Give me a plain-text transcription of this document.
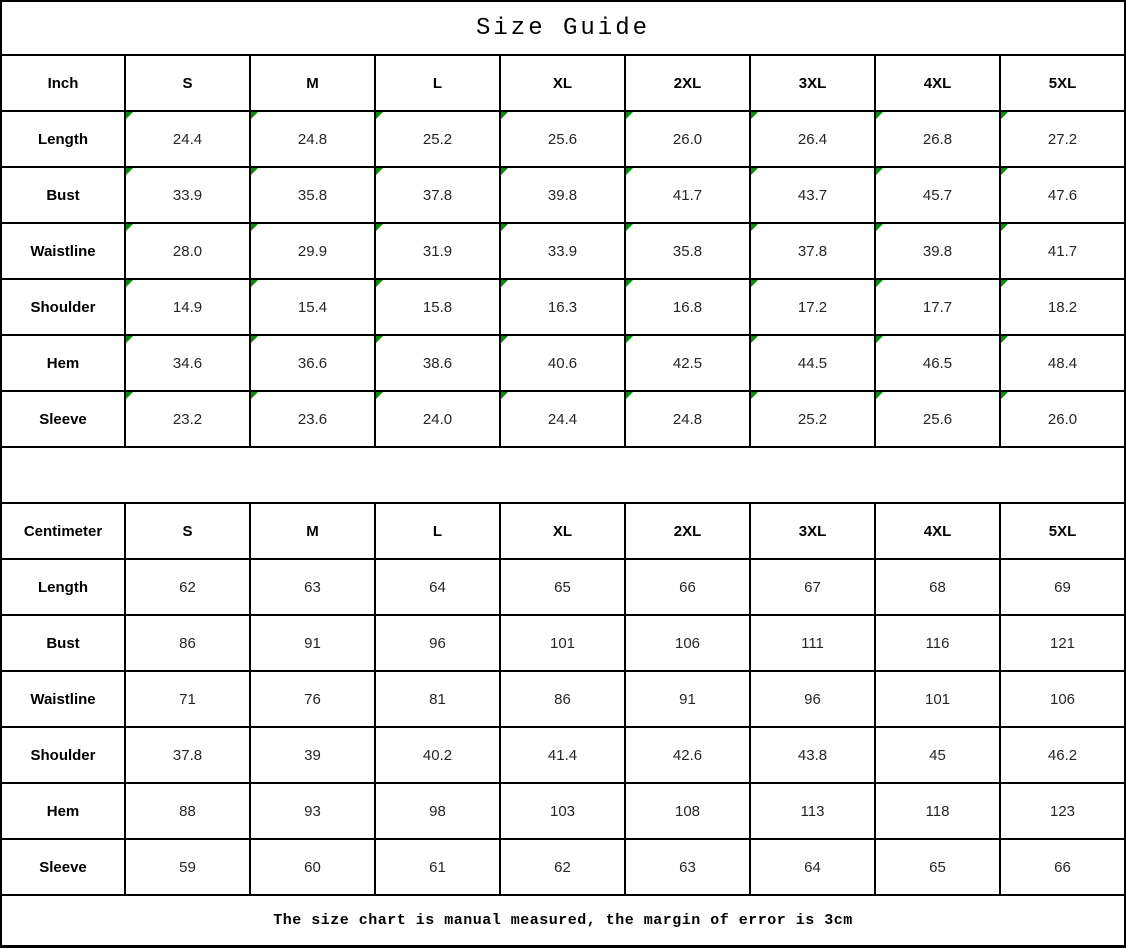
Size Guide								
Inch	S	M	L	XL	2XL	3XL	4XL	5XL
Length	24.4	24.8	25.2	25.6	26.0	26.4	26.8	27.2

Bust	33.9	35.8	37.8	39.8	41.7	43.7	45.7	47.6

Waistline	28.0	29.9	31.9	33.9	35.8	37.8	39.8	41.7

Shoulder	14.9	15.4	15.8	16.3	16.8	17.2	17.7	18.2

Hem	34.6	36.6	38.6	40.6	42.5	44.5	46.5	48.4

Sleeve	23.2	23.6	24.0	24.4	24.8	25.2	25.6	26.0

Centimeter	S	M	L	XL	2XL	3XL	4XL	5XL
Length	62	63	64	65	66	67	68	69
Bust	86	91	96	101	106	111	116	121
Waistline	71	76	81	86	91	96	101	106
Shoulder	37.8	39	40.2	41.4	42.6	43.8	45	46.2
Hem	88	93	98	103	108	113	118	123
Sleeve	59	60	61	62	63	64	65	66
The size chart is manual measured, the margin of error is 3cm								
